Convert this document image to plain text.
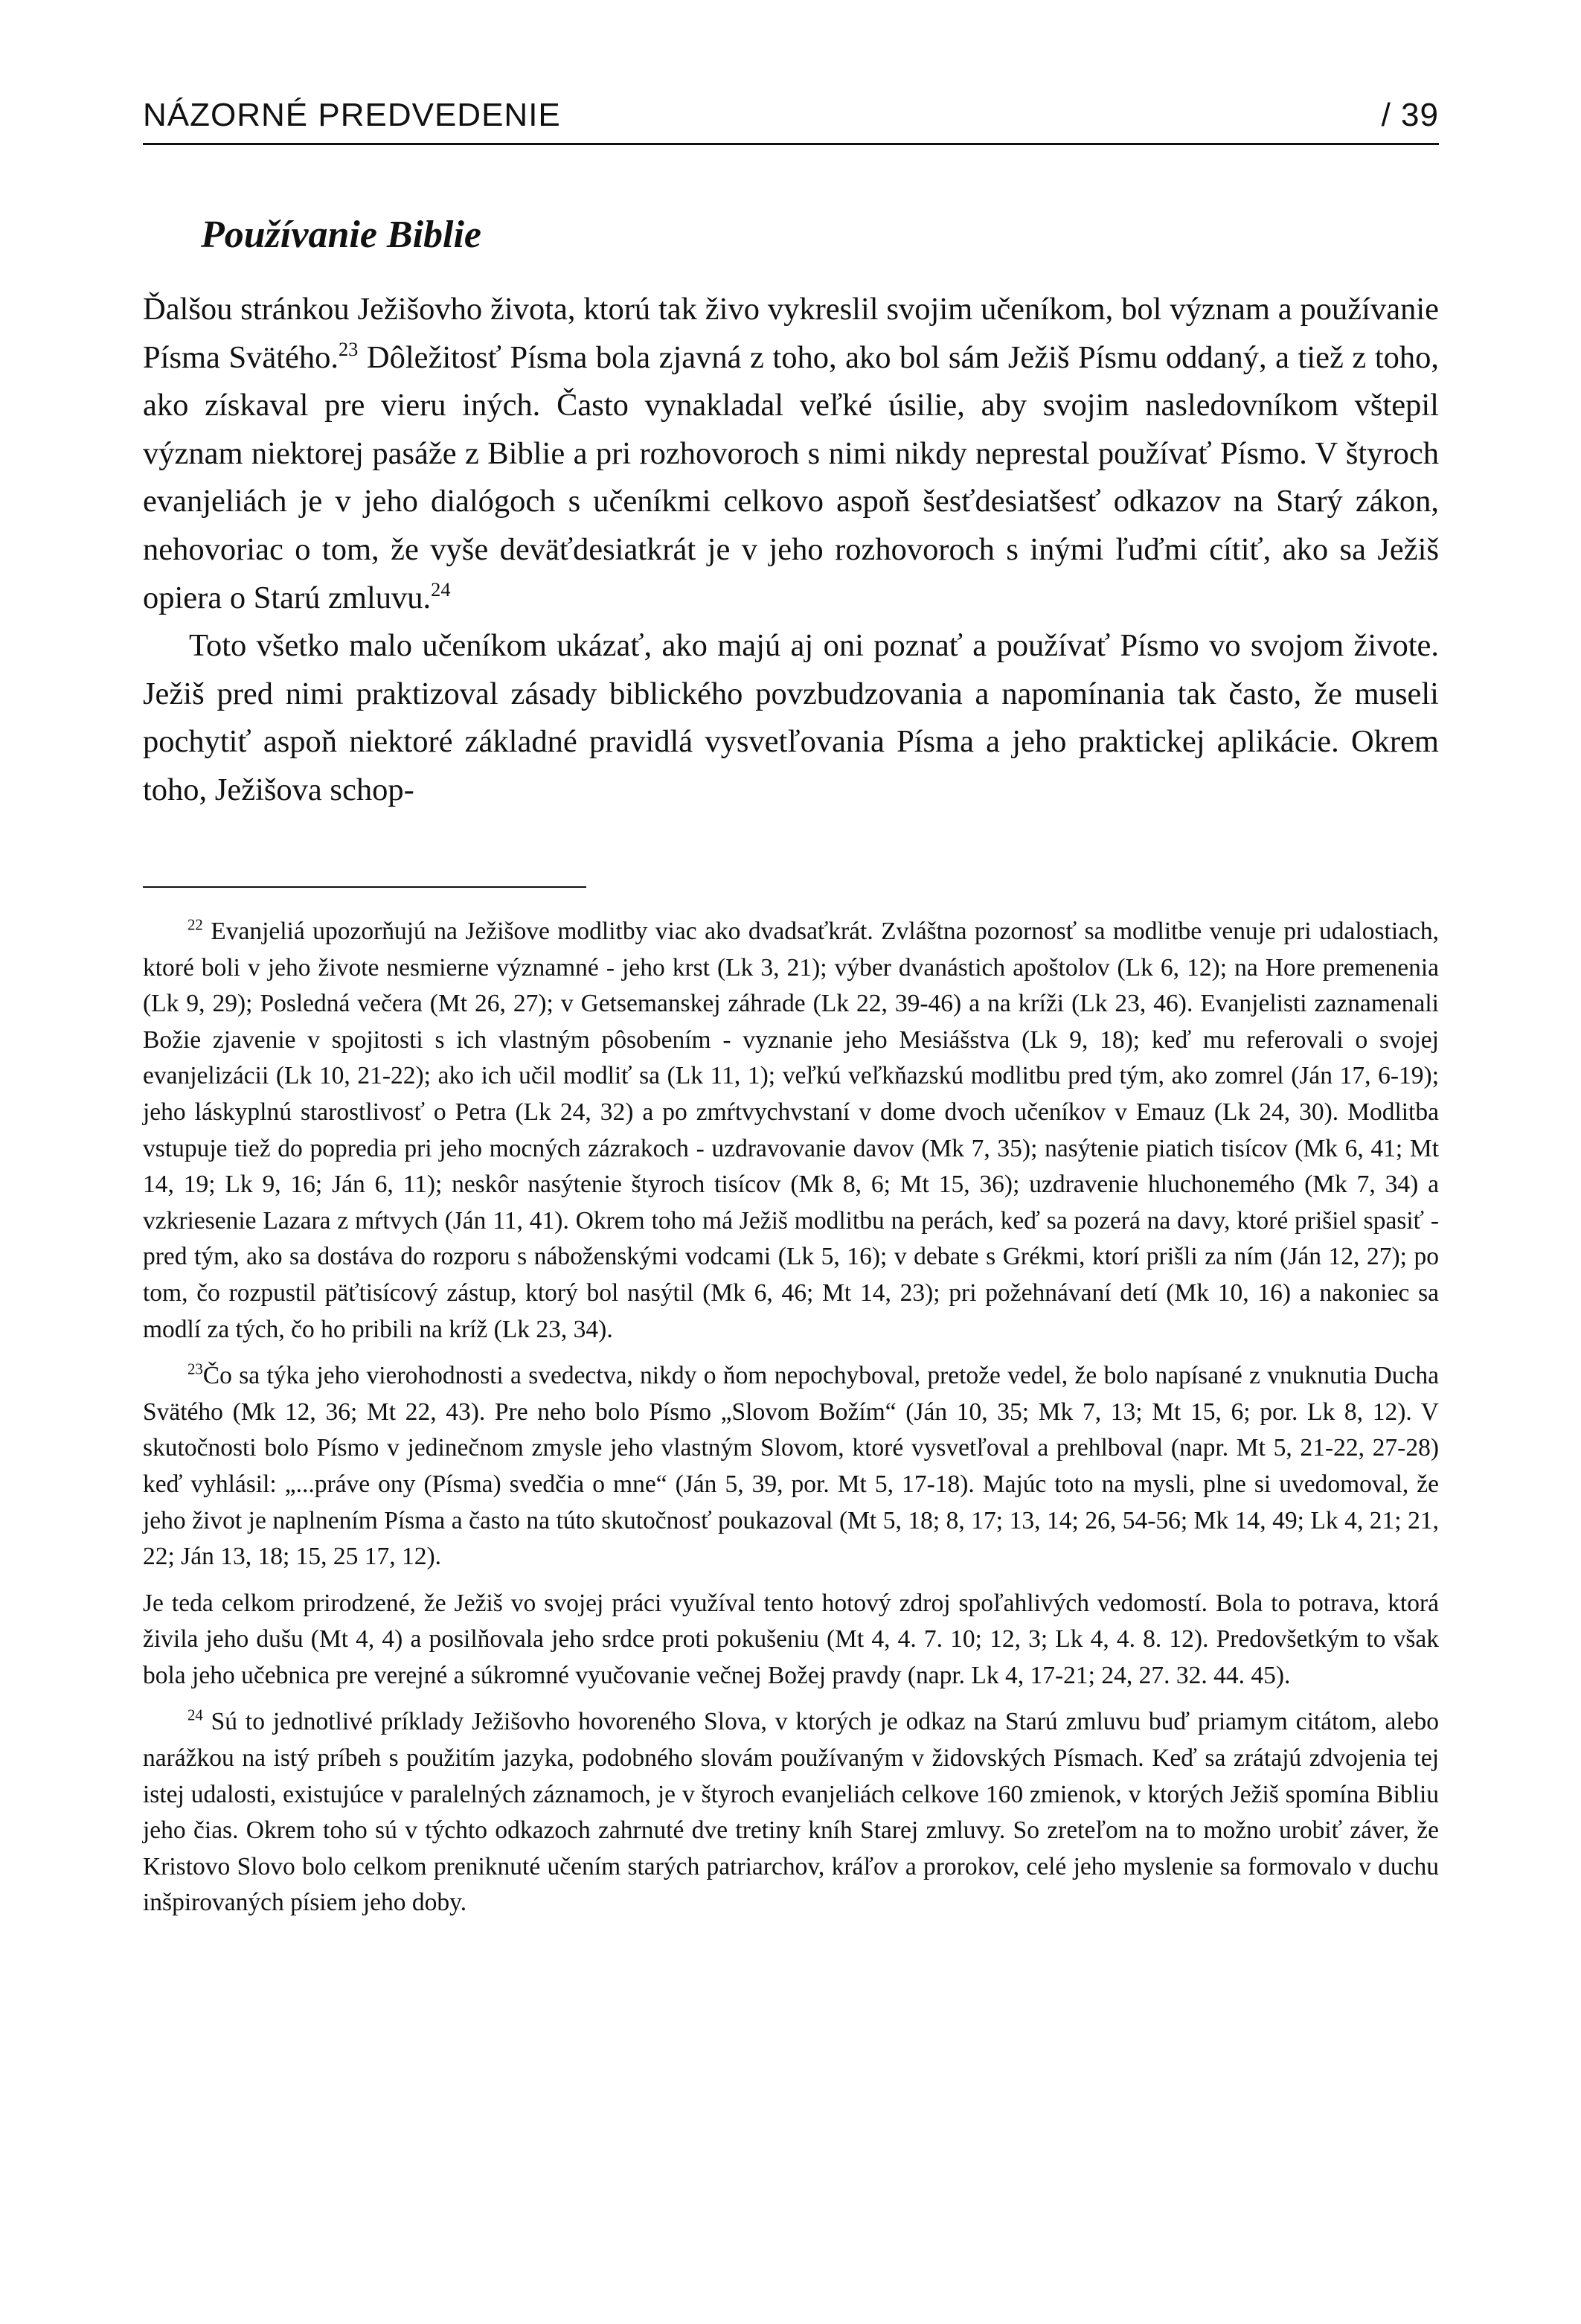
NÁZORNÉ PREDVEDENIE	/ 39
Používanie Biblie

Ďalšou stránkou Ježišovho života, ktorú tak živo vykreslil svojim učeníkom, bol význam a používanie Písma Svätého.$^{23}$ Dôležitosť Písma bola zjavná z toho, ako bol sám Ježiš Písmu oddaný, a tiež z toho, ako získaval pre vieru iných. Často vynakladal veľké úsilie, aby svojim nasledovníkom vštepil význam niektorej pasáže z Biblie a pri rozhovoroch s nimi nikdy neprestal používať Písmo. V štyroch evanjeliách je v jeho dialógoch s učeníkmi celkovo aspoň šesťdesiatšesť odkazov na Starý zákon, nehovoriac o tom, že vyše deväťdesiatkrát je v jeho rozhovoroch s inými ľuďmi cítiť, ako sa Ježiš opiera o Starú zmluvu.$^{24}$

Toto všetko malo učeníkom ukázať, ako majú aj oni poznať a používať Písmo vo svojom živote. Ježiš pred nimi praktizoval zásady biblického povzbudzovania a napomínania tak často, že museli pochytiť aspoň niektoré základné pravidlá vysvetľovania Písma a jeho praktickej aplikácie. Okrem toho, Ježišova schop-

$^{22}$ Evanjeliá upozorňujú na Ježišove modlitby viac ako dvadsaťkrát. Zvláštna pozornosť sa modlitbe venuje pri udalostiach, ktoré boli v jeho živote nesmierne významné - jeho krst (Lk 3, 21); výber dvanástich apoštolov (Lk 6, 12); na Hore premenenia (Lk 9, 29); Posledná večera (Mt 26, 27); v Getsemanskej záhrade (Lk 22, 39-46) a na kríži (Lk 23, 46). Evanjelisti zaznamenali Božie zjavenie v spojitosti s ich vlastným pôsobením - vyznanie jeho Mesiášstva (Lk 9, 18); keď mu referovali o svojej evanjelizácii (Lk 10, 21-22); ako ich učil modliť sa (Lk 11, 1); veľkú veľkňazskú modlitbu pred tým, ako zomrel (Ján 17, 6-19); jeho láskyplnú starostlivosť o Petra (Lk 24, 32) a po zmŕtvychvstaní v dome dvoch učeníkov v Emauz (Lk 24, 30). Modlitba vstupuje tiež do popredia pri jeho mocných zázrakoch - uzdravovanie davov (Mk 7, 35); nasýtenie piatich tisícov (Mk 6, 41; Mt 14, 19; Lk 9, 16; Ján 6, 11); neskôr nasýtenie štyroch tisícov (Mk 8, 6; Mt 15, 36); uzdravenie hluchonemého (Mk 7, 34) a vzkriesenie Lazara z mŕtvych (Ján 11, 41). Okrem toho má Ježiš modlitbu na perách, keď sa pozerá na davy, ktoré prišiel spasiť - pred tým, ako sa dostáva do rozporu s náboženskými vodcami (Lk 5, 16); v debate s Grékmi, ktorí prišli za ním (Ján 12, 27); po tom, čo rozpustil päťtisícový zástup, ktorý bol nasýtil (Mk 6, 46; Mt 14, 23); pri požehnávaní detí (Mk 10, 16) a nakoniec sa modlí za tých, čo ho pribili na kríž (Lk 23, 34).

$^{23}$Čo sa týka jeho vierohodnosti a svedectva, nikdy o ňom nepochyboval, pretože vedel, že bolo napísané z vnuknutia Ducha Svätého (Mk 12, 36; Mt 22, 43). Pre neho bolo Písmo „Slovom Božím“ (Ján 10, 35; Mk 7, 13; Mt 15, 6; por. Lk 8, 12). V skutočnosti bolo Písmo v jedinečnom zmysle jeho vlastným Slovom, ktoré vysvetľoval a prehlboval (napr. Mt 5, 21-22, 27-28) keď vyhlásil: „...práve ony (Písma) svedčia o mne“ (Ján 5, 39, por. Mt 5, 17-18). Majúc toto na mysli, plne si uvedomoval, že jeho život je naplnením Písma a často na túto skutočnosť poukazoval (Mt 5, 18; 8, 17; 13, 14; 26, 54-56; Mk 14, 49; Lk 4, 21; 21, 22; Ján 13, 18; 15, 25 17, 12).

Je teda celkom prirodzené, že Ježiš vo svojej práci využíval tento hotový zdroj spoľahlivých vedomostí. Bola to potrava, ktorá živila jeho dušu (Mt 4, 4) a posilňovala jeho srdce proti pokušeniu (Mt 4, 4. 7. 10; 12, 3; Lk 4, 4. 8. 12). Predovšetkým to však bola jeho učebnica pre verejné a súkromné vyučovanie večnej Božej pravdy (napr. Lk 4, 17-21; 24, 27. 32. 44. 45).

$^{24}$ Sú to jednotlivé príklady Ježišovho hovoreného Slova, v ktorých je odkaz na Starú zmluvu buď priamym citátom, alebo narážkou na istý príbeh s použitím jazyka, podobného slovám používaným v židovských Písmach. Keď sa zrátajú zdvojenia tej istej udalosti, existujúce v paralelných záznamoch, je v štyroch evanjeliách celkove 160 zmienok, v ktorých Ježiš spomína Bibliu jeho čias. Okrem toho sú v týchto odkazoch zahrnuté dve tretiny kníh Starej zmluvy. So zreteľom na to možno urobiť záver, že Kristovo Slovo bolo celkom preniknuté učením starých patriarchov, kráľov a prorokov, celé jeho myslenie sa formovalo v duchu inšpirovaných písiem jeho doby.
